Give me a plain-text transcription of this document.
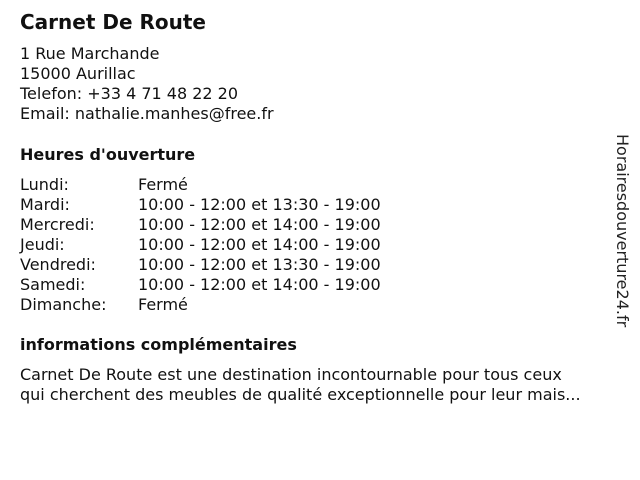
Carnet De Route
1 Rue Marchande
15000 Aurillac
Telefon: +33 4 71 48 22 20
Email: nathalie.manhes@free.fr
Heures d'ouverture
Lundi:	Fermé
Mardi:	10:00 - 12:00 et 13:30 - 19:00
Mercredi:	10:00 - 12:00 et 14:00 - 19:00
Jeudi:	10:00 - 12:00 et 14:00 - 19:00
Vendredi:	10:00 - 12:00 et 13:30 - 19:00
Samedi:	10:00 - 12:00 et 14:00 - 19:00
Dimanche:	Fermé
informations complémentaires
Carnet De Route est une destination incontournable pour tous ceux
qui cherchent des meubles de qualité exceptionnelle pour leur mais...
Horairesdouverture24.fr
